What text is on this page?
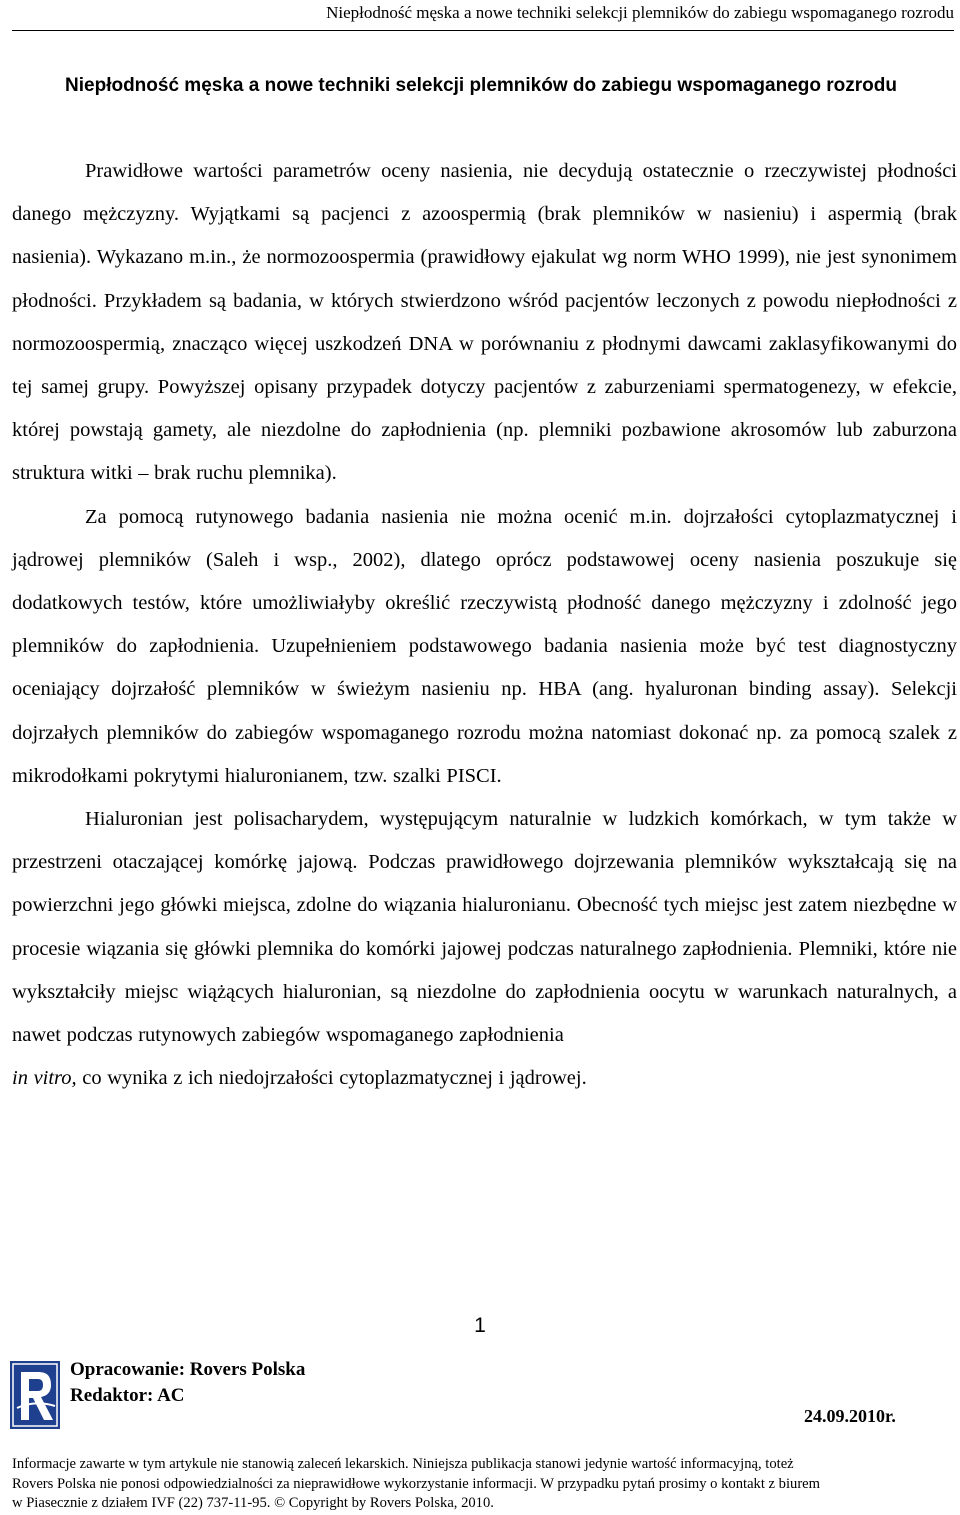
Niepłodność męska a nowe techniki selekcji plemników do zabiegu wspomaganego rozrodu
Niepłodność męska a nowe techniki selekcji plemników do zabiegu wspomaganego rozrodu

Prawidłowe wartości parametrów oceny nasienia, nie decydują ostatecznie o rzeczywistej płodności danego mężczyzny. Wyjątkami są pacjenci z azoospermią (brak plemników w nasieniu) i aspermią (brak nasienia). Wykazano m.in., że normozoospermia (prawidłowy ejakulat wg norm WHO 1999), nie jest synonimem płodności. Przykładem są badania, w których stwierdzono wśród pacjentów leczonych z powodu niepłodności z normozoospermią, znacząco więcej uszkodzeń DNA w porównaniu z płodnymi dawcami zaklasyfikowanymi do tej samej grupy. Powyższej opisany przypadek dotyczy pacjentów z zaburzeniami spermatogenezy, w efekcie, której powstają gamety, ale niezdolne do zapłodnienia (np. plemniki pozbawione akrosomów lub zaburzona struktura witki – brak ruchu plemnika).

Za pomocą rutynowego badania nasienia nie można ocenić m.in. dojrzałości cytoplazmatycznej i jądrowej plemników (Saleh i wsp., 2002), dlatego oprócz podstawowej oceny nasienia poszukuje się dodatkowych testów, które umożliwiałyby określić rzeczywistą płodność danego mężczyzny i zdolność jego plemników do zapłodnienia. Uzupełnieniem podstawowego badania nasienia może być test diagnostyczny oceniający dojrzałość plemników w świeżym nasieniu np. HBA (ang. hyaluronan binding assay). Selekcji dojrzałych plemników do zabiegów wspomaganego rozrodu można natomiast dokonać np. za pomocą szalek z mikrodołkami pokrytymi hialuronianem, tzw. szalki PISCI.

Hialuronian jest polisacharydem, występującym naturalnie w ludzkich komórkach, w tym także w przestrzeni otaczającej komórkę jajową. Podczas prawidłowego dojrzewania plemników wykształcają się na powierzchni jego główki miejsca, zdolne do wiązania hialuronianu. Obecność tych miejsc jest zatem niezbędne w procesie wiązania się główki plemnika do komórki jajowej podczas naturalnego zapłodnienia. Plemniki, które nie wykształciły miejsc wiążących hialuronian, są niezdolne do zapłodnienia oocytu w warunkach naturalnych, a nawet podczas rutynowych zabiegów wspomaganego zapłodnienia

in vitro, co wynika z ich niedojrzałości cytoplazmatycznej i jądrowej.

1
Opracowanie: Rovers Polska
Redaktor: AC
24.09.2010r.
Informacje zawarte w tym artykule nie stanowią zaleceń lekarskich. Niniejsza publikacja stanowi jedynie wartość informacyjną, toteż
Rovers Polska nie ponosi odpowiedzialności za nieprawidłowe wykorzystanie informacji. W przypadku pytań prosimy o kontakt z biurem
w Piasecznie z działem IVF (22) 737-11-95. © Copyright by Rovers Polska, 2010.
